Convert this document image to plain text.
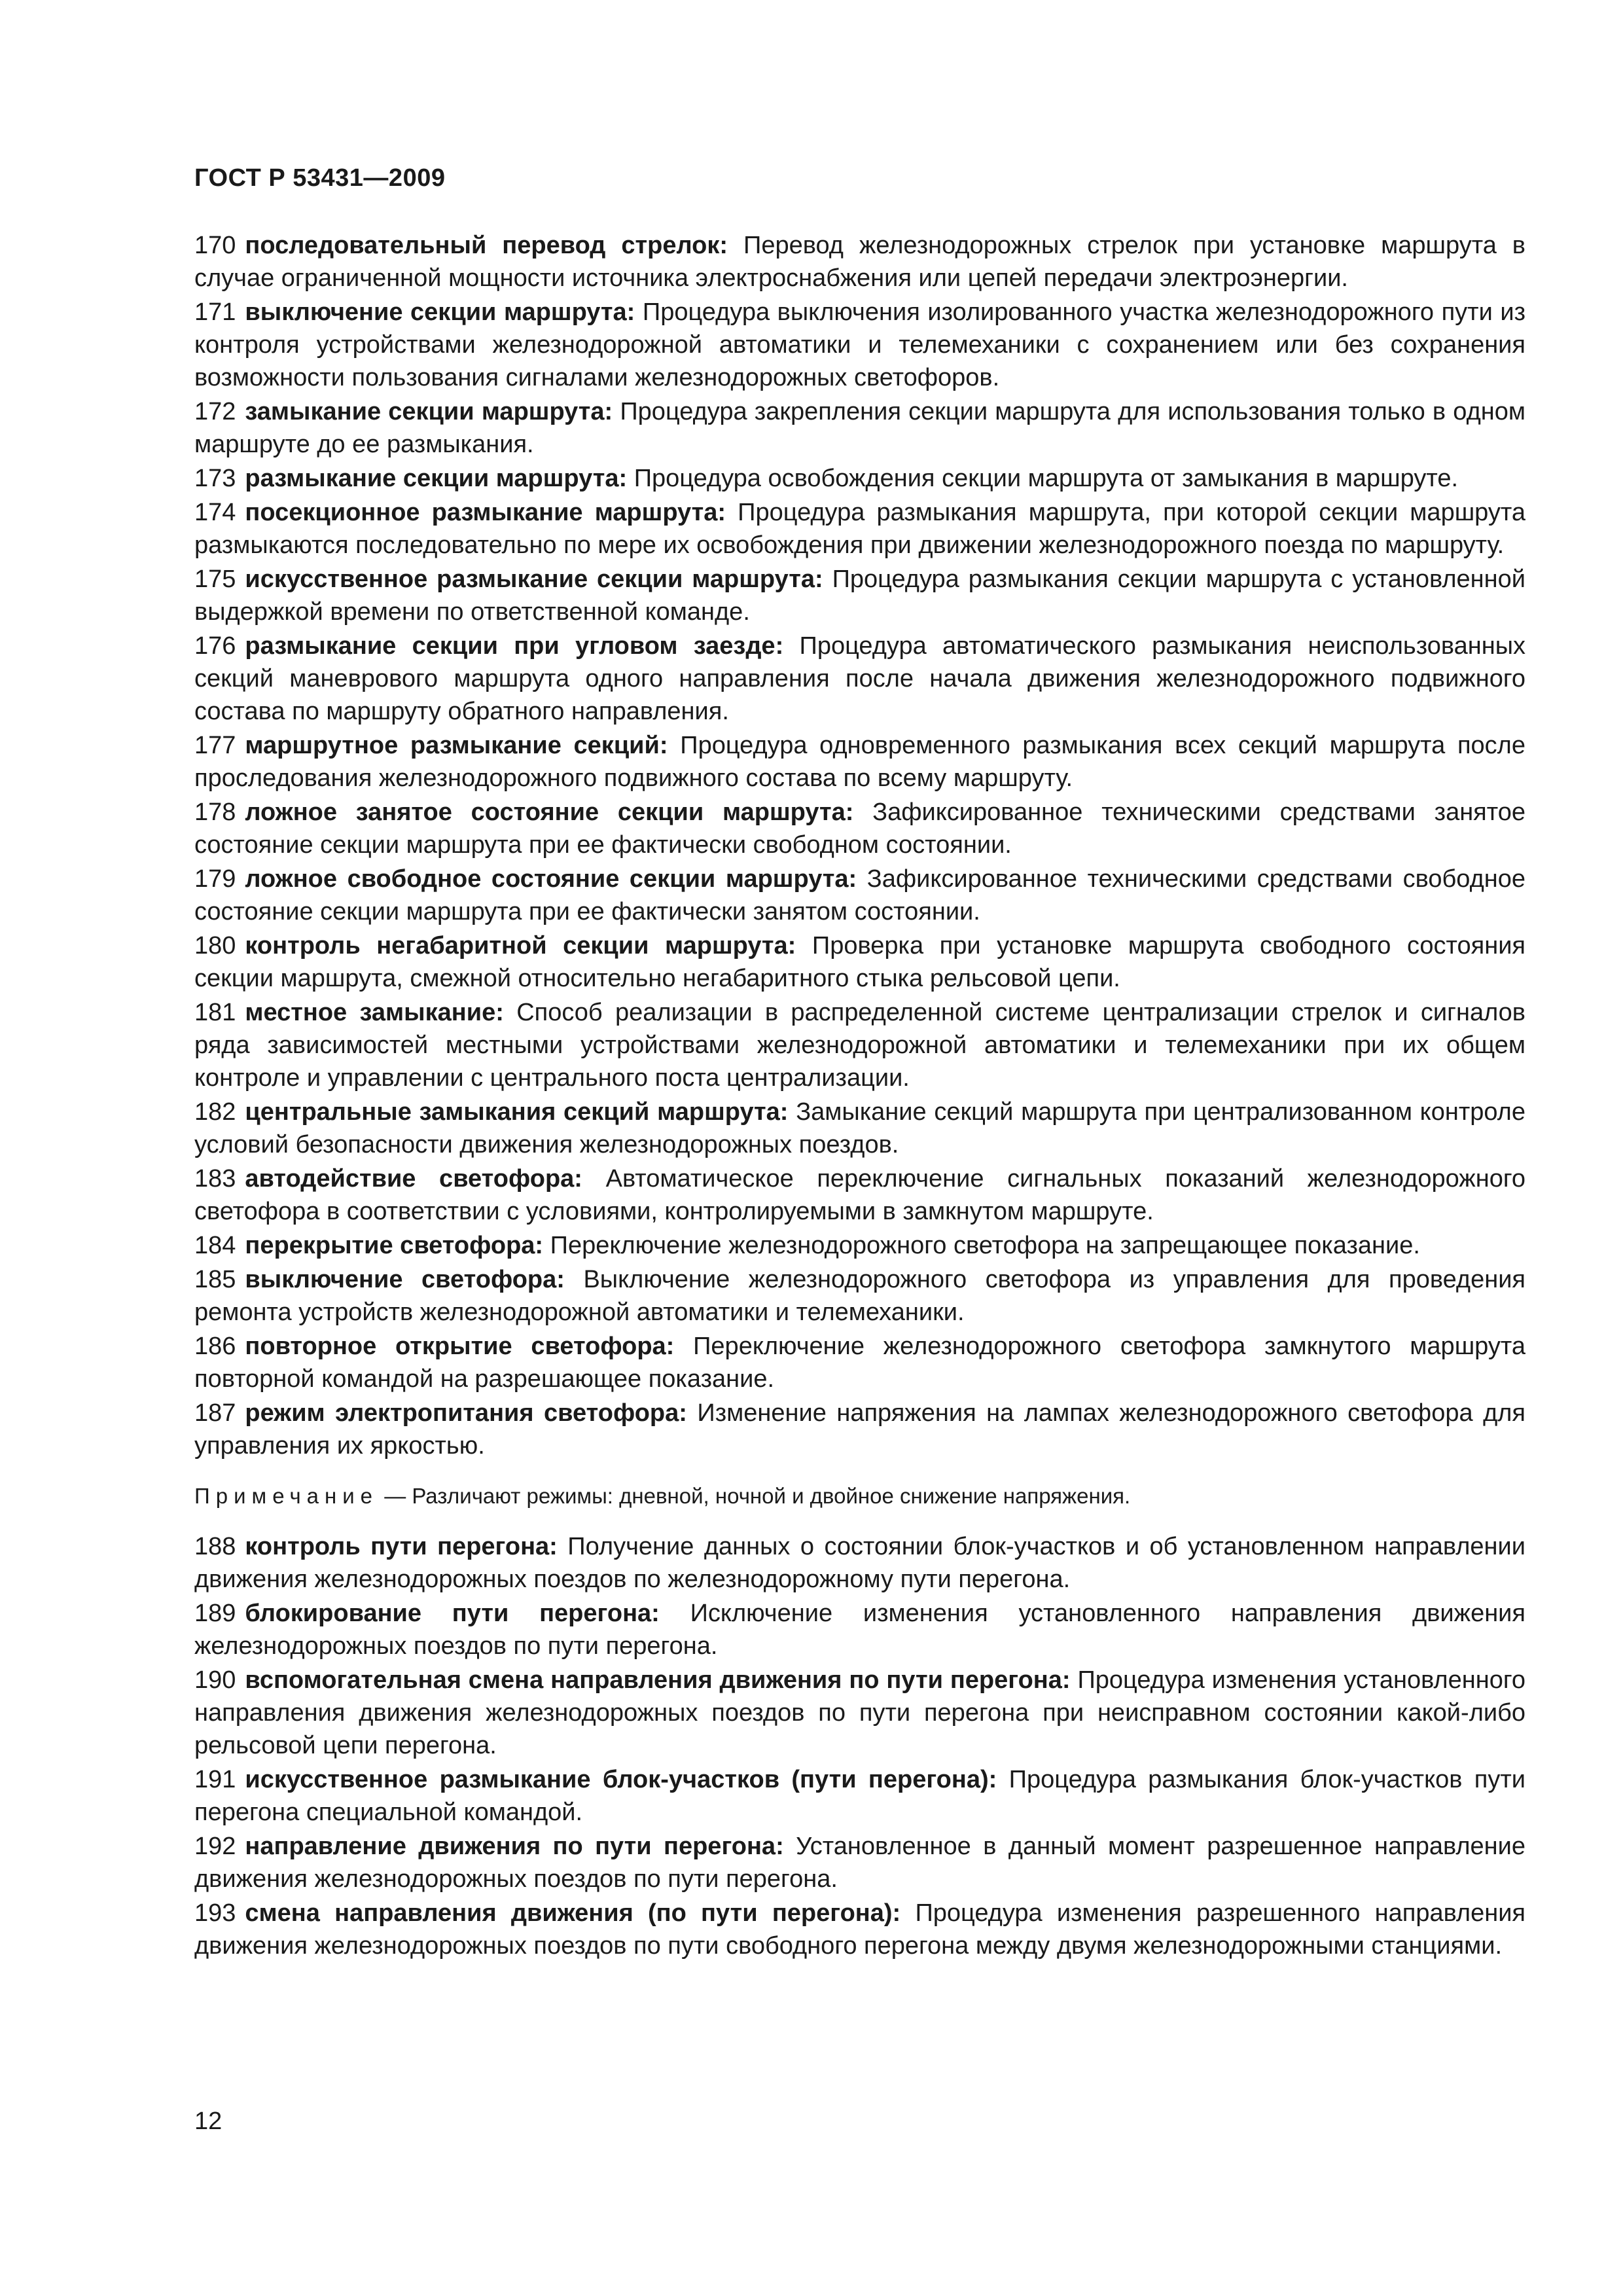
ГОСТ Р 53431—2009

170 последовательный перевод стрелок: Перевод железнодорожных стрелок при установке маршрута в случае ограниченной мощности источника электроснабжения или цепей передачи электроэнергии.

171 выключение секции маршрута: Процедура выключения изолированного участка железнодорожного пути из контроля устройствами железнодорожной автоматики и телемеханики с сохранением или без сохранения возможности пользования сигналами железнодорожных светофоров.

172 замыкание секции маршрута: Процедура закрепления секции маршрута для использования только в одном маршруте до ее размыкания.

173 размыкание секции маршрута: Процедура освобождения секции маршрута от замыкания в маршруте.

174 посекционное размыкание маршрута: Процедура размыкания маршрута, при которой секции маршрута размыкаются последовательно по мере их освобождения при движении железнодорожного поезда по маршруту.

175 искусственное размыкание секции маршрута: Процедура размыкания секции маршрута с установленной выдержкой времени по ответственной команде.

176 размыкание секции при угловом заезде: Процедура автоматического размыкания неиспользованных секций маневрового маршрута одного направления после начала движения железнодорожного подвижного состава по маршруту обратного направления.

177 маршрутное размыкание секций: Процедура одновременного размыкания всех секций маршрута после проследования железнодорожного подвижного состава по всему маршруту.

178 ложное занятое состояние секции маршрута: Зафиксированное техническими средствами занятое состояние секции маршрута при ее фактически свободном состоянии.

179 ложное свободное состояние секции маршрута: Зафиксированное техническими средствами свободное состояние секции маршрута при ее фактически занятом состоянии.

180 контроль негабаритной секции маршрута: Проверка при установке маршрута свободного состояния секции маршрута, смежной относительно негабаритного стыка рельсовой цепи.

181 местное замыкание: Способ реализации в распределенной системе централизации стрелок и сигналов ряда зависимостей местными устройствами железнодорожной автоматики и телемеханики при их общем контроле и управлении с центрального поста централизации.

182 центральные замыкания секций маршрута: Замыкание секций маршрута при централизованном контроле условий безопасности движения железнодорожных поездов.

183 автодействие светофора: Автоматическое переключение сигнальных показаний железнодорожного светофора в соответствии с условиями, контролируемыми в замкнутом маршруте.

184 перекрытие светофора: Переключение железнодорожного светофора на запрещающее показание.

185 выключение светофора: Выключение железнодорожного светофора из управления для проведения ремонта устройств железнодорожной автоматики и телемеханики.

186 повторное открытие светофора: Переключение железнодорожного светофора замкнутого маршрута повторной командой на разрешающее показание.

187 режим электропитания светофора: Изменение напряжения на лампах железнодорожного светофора для управления их яркостью.

Примечание — Различают режимы: дневной, ночной и двойное снижение напряжения.

188 контроль пути перегона: Получение данных о состоянии блок-участков и об установленном направлении движения железнодорожных поездов по железнодорожному пути перегона.

189 блокирование пути перегона: Исключение изменения установленного направления движения железнодорожных поездов по пути перегона.

190 вспомогательная смена направления движения по пути перегона: Процедура изменения установленного направления движения железнодорожных поездов по пути перегона при неисправном состоянии какой-либо рельсовой цепи перегона.

191 искусственное размыкание блок-участков (пути перегона): Процедура размыкания блок-участков пути перегона специальной командой.

192 направление движения по пути перегона: Установленное в данный момент разрешенное направление движения железнодорожных поездов по пути перегона.

193 смена направления движения (по пути перегона): Процедура изменения разрешенного направления движения железнодорожных поездов по пути свободного перегона между двумя железнодорожными станциями.

12
